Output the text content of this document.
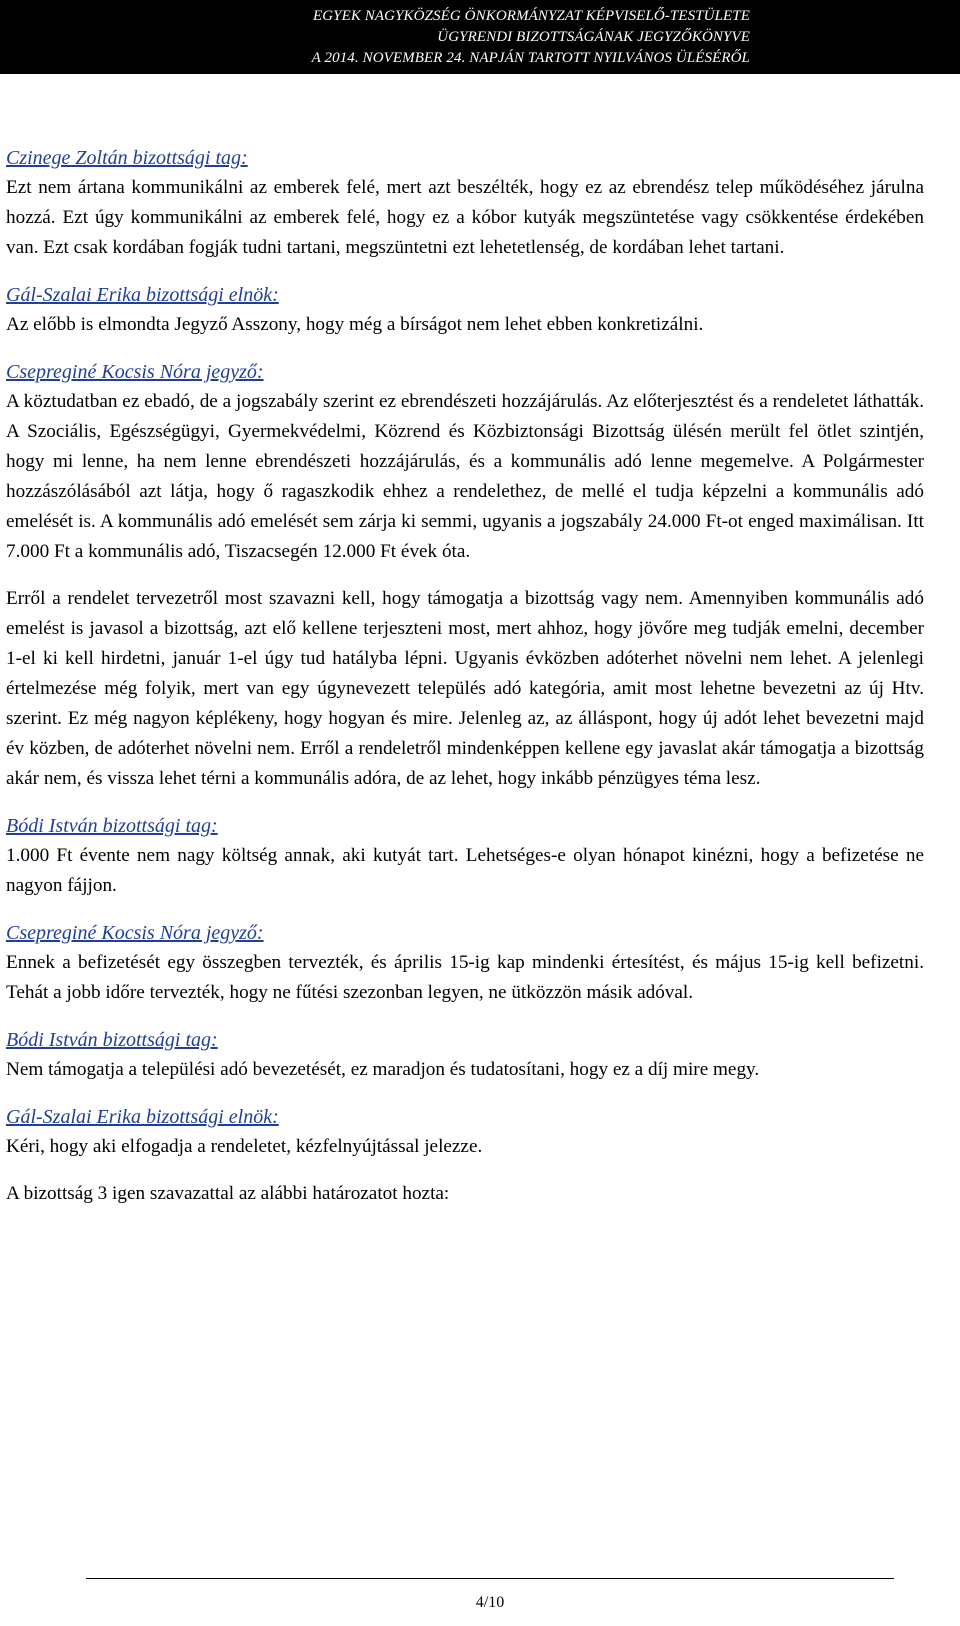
EGYEK NAGYKÖZSÉG ÖNKORMÁNYZAT KÉPVISELŐ-TESTÜLETE
ÜGYRENDI BIZOTTSÁGÁNAK JEGYZŐKÖNYVE
A 2014. NOVEMBER 24. NAPJÁN TARTOTT NYILVÁNOS ÜLÉSÉRŐL
Czinege Zoltán bizottsági tag:

Ezt nem ártana kommunikálni az emberek felé, mert azt beszélték, hogy ez az ebrendész telep működéséhez járulna hozzá. Ezt úgy kommunikálni az emberek felé, hogy ez a kóbor kutyák megszüntetése vagy csökkentése érdekében van. Ezt csak kordában fogják tudni tartani, megszüntetni ezt lehetetlenség, de kordában lehet tartani.

Gál-Szalai Erika bizottsági elnök:

Az előbb is elmondta Jegyző Asszony, hogy még a bírságot nem lehet ebben konkretizálni.

Csepreginé Kocsis Nóra jegyző:

A köztudatban ez ebadó, de a jogszabály szerint ez ebrendészeti hozzájárulás. Az előterjesztést és a rendeletet láthatták. A Szociális, Egészségügyi, Gyermekvédelmi, Közrend és Közbiztonsági Bizottság ülésén merült fel ötlet szintjén, hogy mi lenne, ha nem lenne ebrendészeti hozzájárulás, és a kommunális adó lenne megemelve. A Polgármester hozzászólásából azt látja, hogy ő ragaszkodik ehhez a rendelethez, de mellé el tudja képzelni a kommunális adó emelését is. A kommunális adó emelését sem zárja ki semmi, ugyanis a jogszabály 24.000 Ft-ot enged maximálisan. Itt 7.000 Ft a kommunális adó, Tiszacsegén 12.000 Ft évek óta.

Erről a rendelet tervezetről most szavazni kell, hogy támogatja a bizottság vagy nem. Amennyiben kommunális adó emelést is javasol a bizottság, azt elő kellene terjeszteni most, mert ahhoz, hogy jövőre meg tudják emelni, december 1-el ki kell hirdetni, január 1-el úgy tud hatályba lépni. Ugyanis évközben adóterhet növelni nem lehet. A jelenlegi értelmezése még folyik, mert van egy úgynevezett település adó kategória, amit most lehetne bevezetni az új Htv. szerint. Ez még nagyon képlékeny, hogy hogyan és mire. Jelenleg az, az álláspont, hogy új adót lehet bevezetni majd év közben, de adóterhet növelni nem. Erről a rendeletről mindenképpen kellene egy javaslat akár támogatja a bizottság akár nem, és vissza lehet térni a kommunális adóra, de az lehet, hogy inkább pénzügyes téma lesz.

Bódi István bizottsági tag:

1.000 Ft évente nem nagy költség annak, aki kutyát tart. Lehetséges-e olyan hónapot kinézni, hogy a befizetése ne nagyon fájjon.

Csepreginé Kocsis Nóra jegyző:

Ennek a befizetését egy összegben tervezték, és április 15-ig kap mindenki értesítést, és május 15-ig kell befizetni. Tehát a jobb időre tervezték, hogy ne fűtési szezonban legyen, ne ütközzön másik adóval.

Bódi István bizottsági tag:

Nem támogatja a települési adó bevezetését, ez maradjon és tudatosítani, hogy ez a díj mire megy.

Gál-Szalai Erika bizottsági elnök:

Kéri, hogy aki elfogadja a rendeletet, kézfelnyújtással jelezze.

A bizottság 3 igen szavazattal az alábbi határozatot hozta:

4/10
